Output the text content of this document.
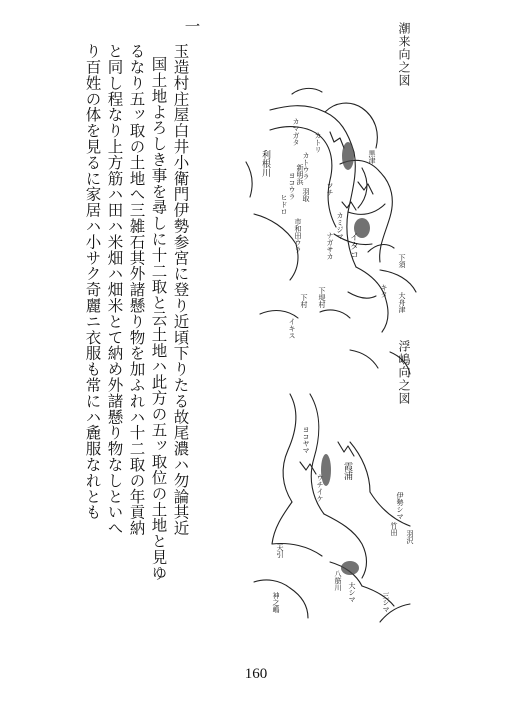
一
玉造村庄屋白井小衛門伊勢参宮に登り近頃下りたる故尾濃ハ勿論其近
国土地よろしき事を尋しに十二取と云土地ハ此方の五ッ取位の土地と見ゆ
るなり五ッ取の土地へ三雑石其外諸懸り物を加ふれハ十二取の年貢納
と同し程なり上方筋ハ田ハ米畑ハ畑米とて納め外諸懸り物なしといへ
り百姓の体を見るに家居ハ小サク奇麗ニ衣服も常にハ麁服なれとも	潮来向之図
浮嶋向之図
利根川	黒津
カトリ
カマガタ
カトウラ
ヨコウラ 新明浜
ヒドロ 羽取
市和田ウラ
ツチ
ナガサカ
カミジマ
イタコ
下須
キタ
大舟津
下堤村
下村
イキス
霞浦
ヨコヤマ
ウチイケ
大シマ
八筋川
三シマ
天引
伊勢シマ
竹田
羽沢
神之嶋
160
